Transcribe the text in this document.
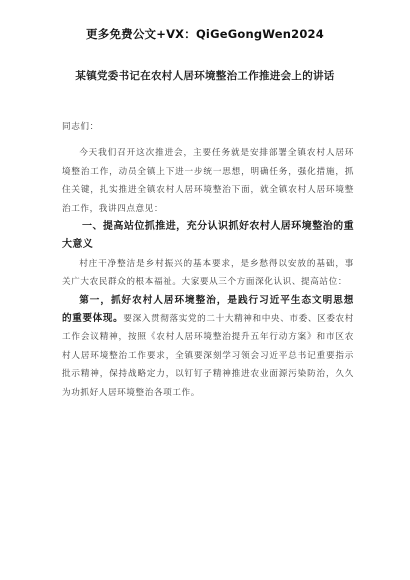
更多免费公文+VX：QiGeGongWen2024
某镇党委书记在农村人居环境整治工作推进会上的讲话

同志们：

今天我们召开这次推进会，主要任务就是安排部署全镇农村人居环境整治工作，动员全镇上下进一步统一思想，明确任务，强化措施，抓住关键，扎实推进全镇农村人居环境整治下面，就全镇农村人居环境整治工作，我讲四点意见：

一、提高站位抓推进，充分认识抓好农村人居环境整治的重大意义

村庄干净整洁是乡村振兴的基本要求，是乡愁得以安放的基础，事关广大农民群众的根本福祉。大家要从三个方面深化认识、提高站位：

第一，抓好农村人居环境整治，是践行习近平生态文明思想的重要体现。要深入贯彻落实党的二十大精神和中央、市委、区委农村工作会议精神，按照《农村人居环境整治提升五年行动方案》和市区农村人居环境整治工作要求，全镇要深刻学习领会习近平总书记重要指示批示精神，保持战略定力，以钉钉子精神推进农业面源污染防治，久久为功抓好人居环境整治各项工作。
